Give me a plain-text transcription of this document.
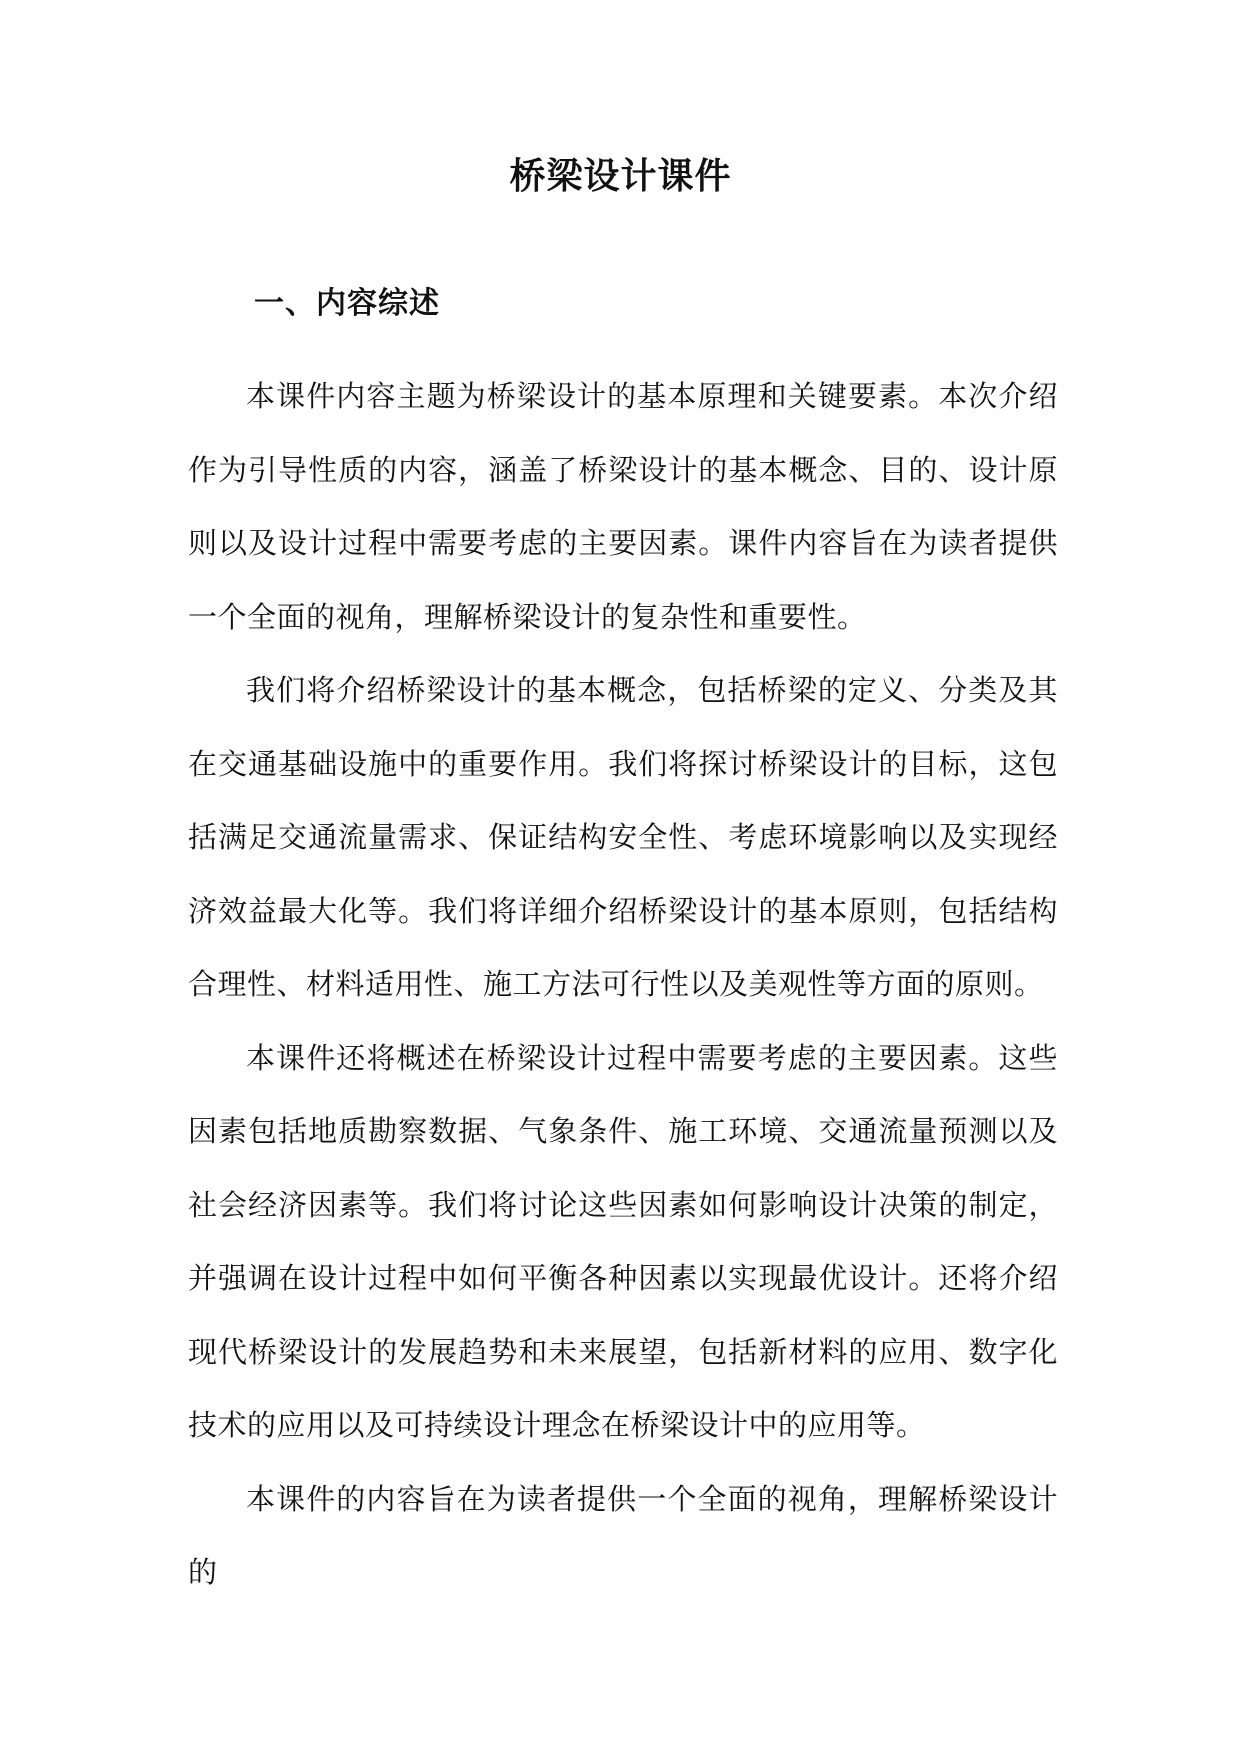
桥梁设计课件
一、内容综述

本课件内容主题为桥梁设计的基本原理和关键要素。本次介绍作为引导性质的内容，涵盖了桥梁设计的基本概念、目的、设计原则以及设计过程中需要考虑的主要因素。课件内容旨在为读者提供一个全面的视角，理解桥梁设计的复杂性和重要性。

我们将介绍桥梁设计的基本概念，包括桥梁的定义、分类及其在交通基础设施中的重要作用。我们将探讨桥梁设计的目标，这包括满足交通流量需求、保证结构安全性、考虑环境影响以及实现经济效益最大化等。我们将详细介绍桥梁设计的基本原则，包括结构合理性、材料适用性、施工方法可行性以及美观性等方面的原则。

本课件还将概述在桥梁设计过程中需要考虑的主要因素。这些因素包括地质勘察数据、气象条件、施工环境、交通流量预测以及社会经济因素等。我们将讨论这些因素如何影响设计决策的制定，并强调在设计过程中如何平衡各种因素以实现最优设计。还将介绍现代桥梁设计的发展趋势和未来展望，包括新材料的应用、数字化技术的应用以及可持续设计理念在桥梁设计中的应用等。

本课件的内容旨在为读者提供一个全面的视角，理解桥梁设计的
